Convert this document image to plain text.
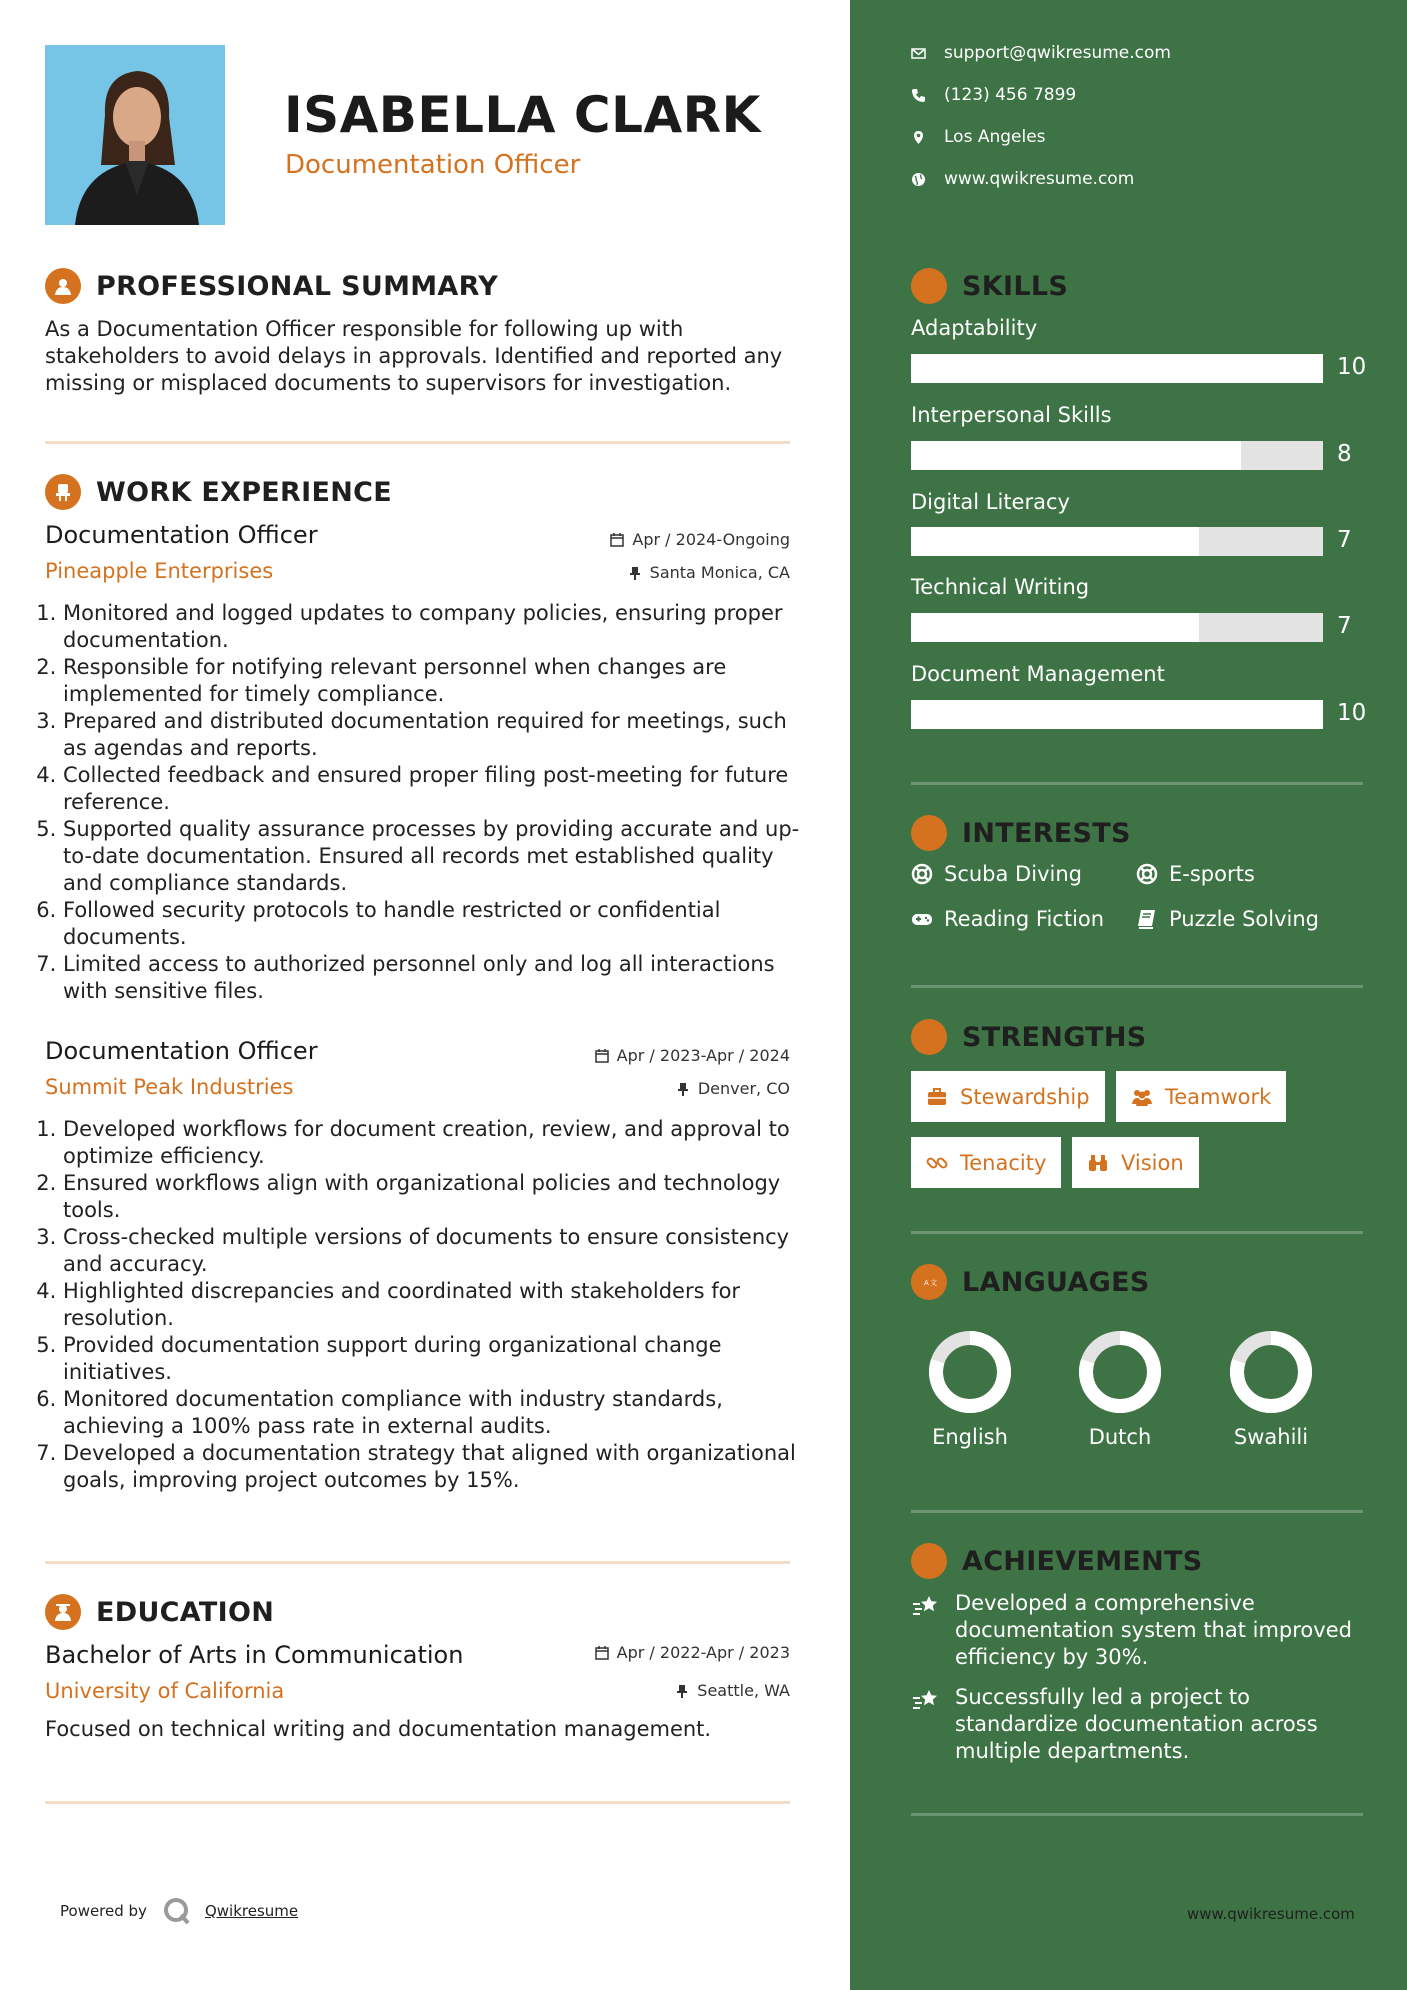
ISABELLA CLARK
Documentation Officer
PROFESSIONAL SUMMARY
As a Documentation Officer responsible for following up with stakeholders to avoid delays in approvals. Identified and reported any missing or misplaced documents to supervisors for investigation.
WORK EXPERIENCE
Documentation Officer
Pineapple Enterprises
Apr / 2024-Ongoing
Santa Monica, CA
1. Monitored and logged updates to company policies, ensuring proper documentation.
2. Responsible for notifying relevant personnel when changes are implemented for timely compliance.
3. Prepared and distributed documentation required for meetings, such as agendas and reports.
4. Collected feedback and ensured proper filing post-meeting for future reference.
5. Supported quality assurance processes by providing accurate and up-to-date documentation. Ensured all records met established quality and compliance standards.
6. Followed security protocols to handle restricted or confidential documents.
7. Limited access to authorized personnel only and log all interactions with sensitive files.
Documentation Officer
Summit Peak Industries
Apr / 2023-Apr / 2024
Denver, CO
1. Developed workflows for document creation, review, and approval to optimize efficiency.
2. Ensured workflows align with organizational policies and technology tools.
3. Cross-checked multiple versions of documents to ensure consistency and accuracy.
4. Highlighted discrepancies and coordinated with stakeholders for resolution.
5. Provided documentation support during organizational change initiatives.
6. Monitored documentation compliance with industry standards, achieving a 100% pass rate in external audits.
7. Developed a documentation strategy that aligned with organizational goals, improving project outcomes by 15%.
EDUCATION
Bachelor of Arts in Communication
University of California
Apr / 2022-Apr / 2023
Seattle, WA
Focused on technical writing and documentation management.
Powered by	Qwikresume
support@qwikresume.com
(123) 456 7899
Los Angeles
www.qwikresume.com
SKILLS
Adaptability
10
Interpersonal Skills
8
Digital Literacy
7
Technical Writing
7
Document Management
10
INTERESTS
Scuba Diving	E-sports
Reading Fiction	Puzzle Solving
STRENGTHS
Stewardship	Teamwork
Tenacity	Vision
A 文 LANGUAGES
English	Dutch	Swahili
ACHIEVEMENTS
Developed a comprehensive documentation system that improved efficiency by 30%.
Successfully led a project to standardize documentation across multiple departments.
www.qwikresume.com
